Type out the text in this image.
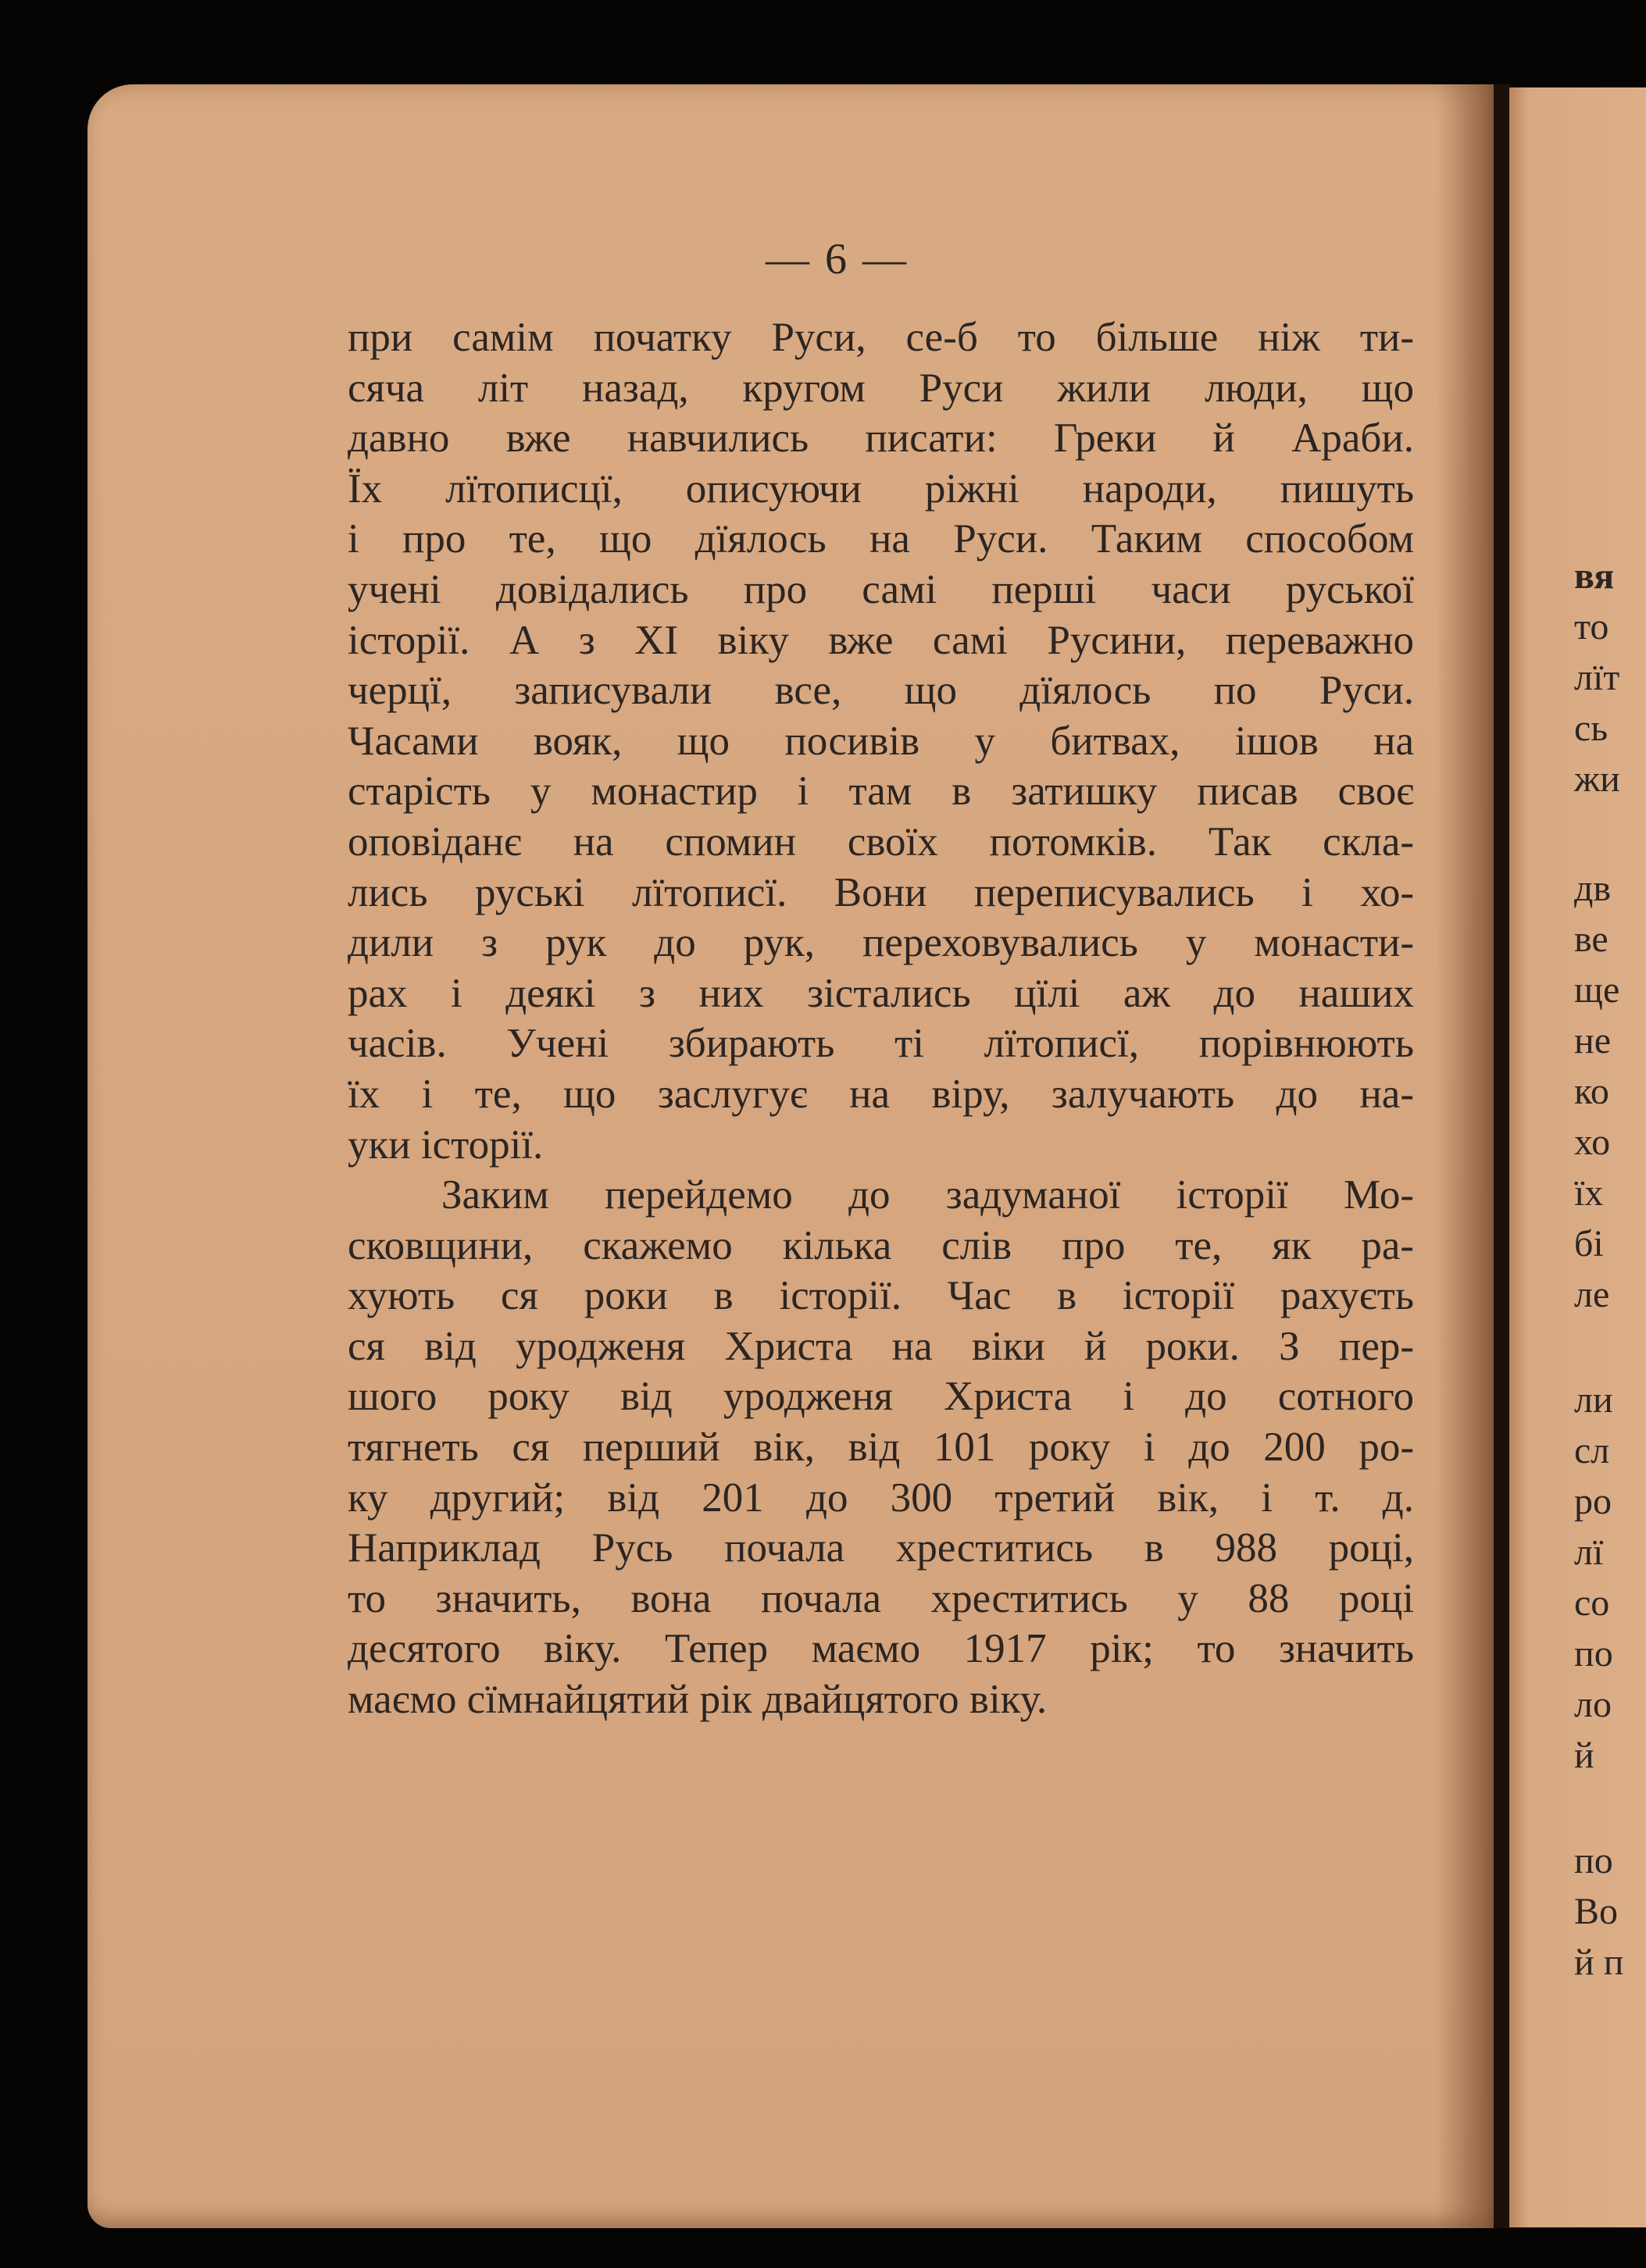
— 6 —
при самім початку Руси, се-б то більше ніж ти-
сяча літ назад, кругом Руси жили люди, що
давно вже навчились писати: Греки й Араби.
Їх лїтописцї, описуючи ріжні народи, пишуть
і про те, що дїялось на Руси. Таким способом
учені довідались про самі перші часи руської
історії. А з XI віку вже самі Русини, переважно
черцї, записували все, що дїялось по Руси.
Часами вояк, що посивів у битвах, ішов на
старість у монастир і там в затишку писав своє
оповіданє на спомин своїх потомків. Так скла-
лись руські лїтописї. Вони переписувались і хо-
дили з рук до рук, переховувались у монасти-
рах і деякі з них зістались цїлі аж до наших
часів. Учені збирають ті лїтописї, порівнюють
їх і те, що заслугує на віру, залучають до на-
уки історії.
Заким перейдемо до задуманої історії Мо-
сковщини, скажемо кілька слів про те, як ра-
хують ся роки в історії. Час в історії рахуєть
ся від уродженя Христа на віки й роки. З пер-
шого року від уродженя Христа і до сотного
тягнеть ся перший вік, від 101 року і до 200 ро-
ку другий; від 201 до 300 третий вік, і т. д.
Наприклад Русь почала хреститись в 988 році,
то значить, вона почала хреститись у 88 році
десятого віку. Тепер маємо 1917 рік; то значить
маємо сїмнайцятий рік двайцятого віку.
вя
то
лїт
сь
жи
дв
ве
ще
не
ко
хо
їх
бі
ле
ли
сл
ро
лї
со
по
ло
й
по
Во
й п
